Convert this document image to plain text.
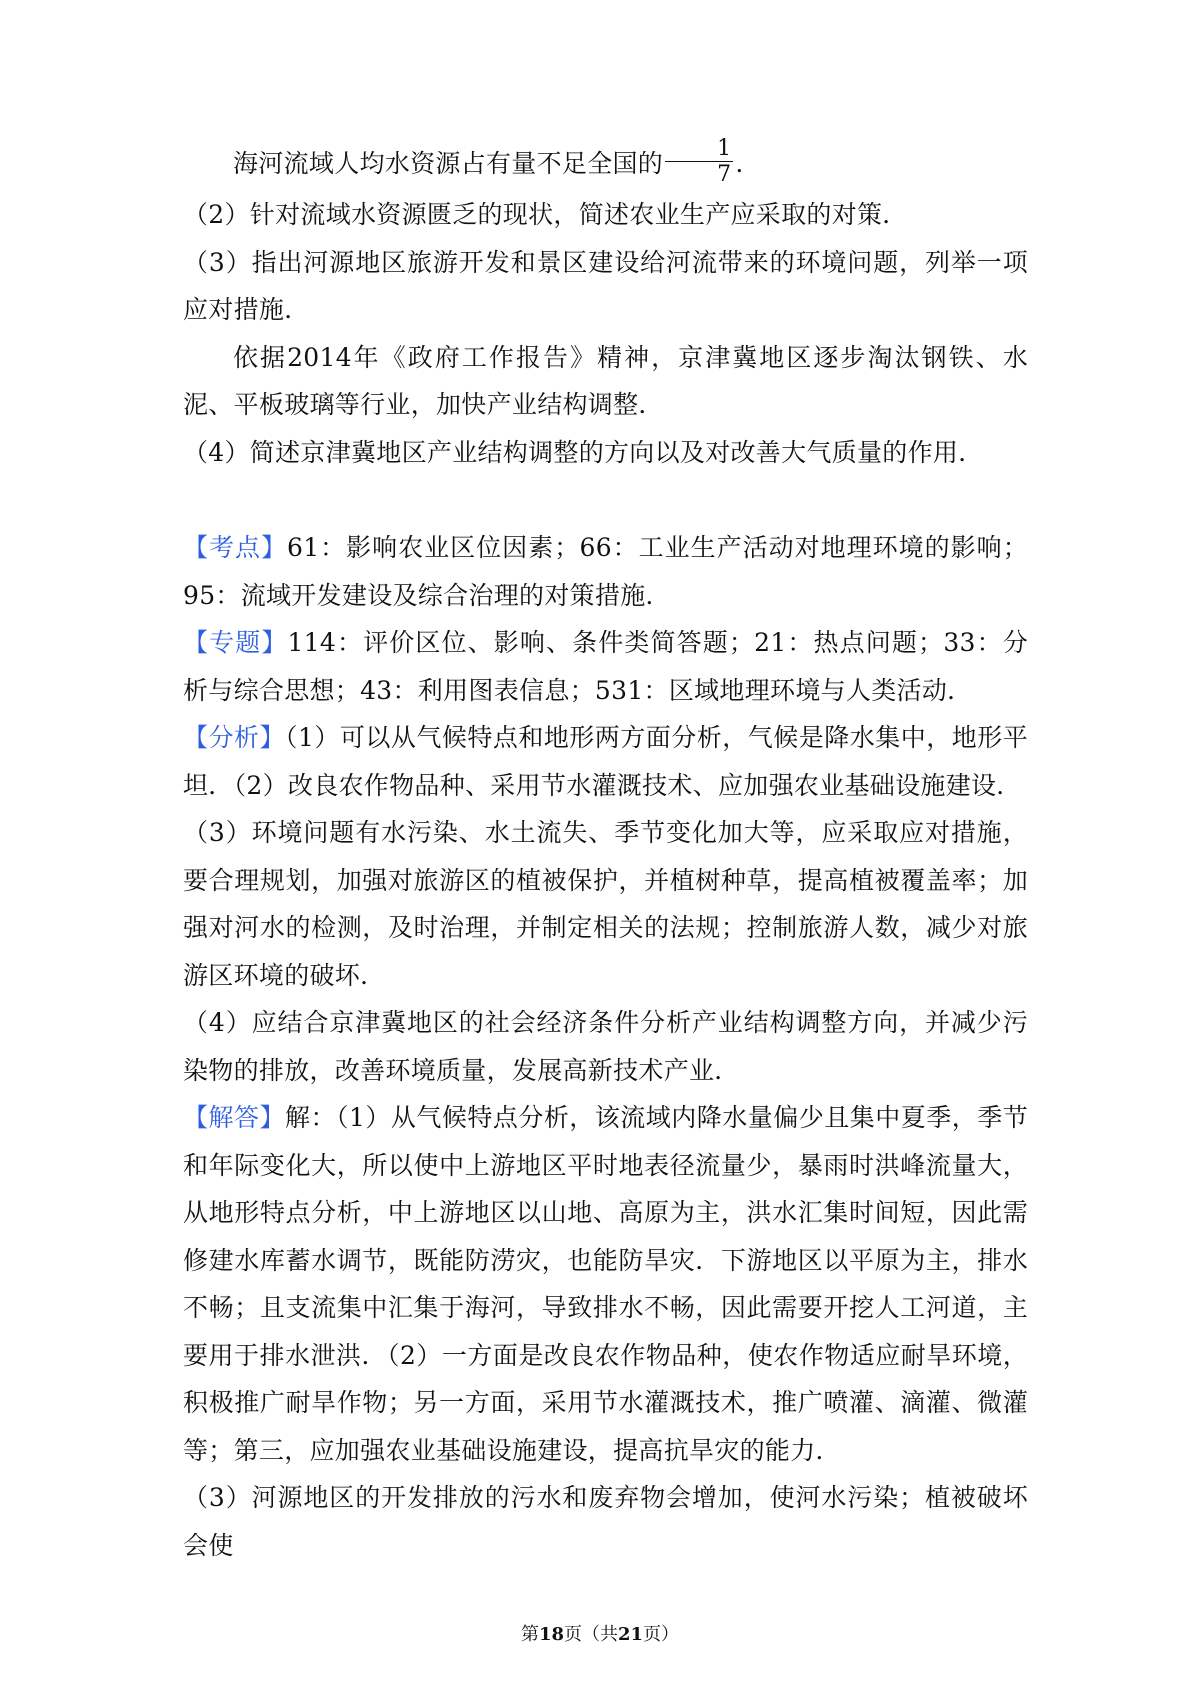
海河流域人均水资源占有量不足全国的 $\frac{1}{7}$ .

（2）针对流域水资源匮乏的现状，简述农业生产应采取的对策．

（3）指出河源地区旅游开发和景区建设给河流带来的环境问题，列举一项应对措施．

依据2014年《政府工作报告》精神，京津冀地区逐步淘汰钢铁、水泥、平板玻璃等行业，加快产业结构调整．

（4）简述京津冀地区产业结构调整的方向以及对改善大气质量的作用．

【考点】61：影响农业区位因素；66：工业生产活动对地理环境的影响；95：流域开发建设及综合治理的对策措施．

【专题】114：评价区位、影响、条件类简答题；21：热点问题；33：分析与综合思想；43：利用图表信息；531：区域地理环境与人类活动．

【分析】（1）可以从气候特点和地形两方面分析，气候是降水集中，地形平坦．（2）改良农作物品种、采用节水灌溉技术、应加强农业基础设施建设．

（3）环境问题有水污染、水土流失、季节变化加大等，应采取应对措施，要合理规划，加强对旅游区的植被保护，并植树种草，提高植被覆盖率；加强对河水的检测，及时治理，并制定相关的法规；控制旅游人数，减少对旅游区环境的破坏．

（4）应结合京津冀地区的社会经济条件分析产业结构调整方向，并减少污染物的排放，改善环境质量，发展高新技术产业．

【解答】解：（1）从气候特点分析，该流域内降水量偏少且集中夏季，季节和年际变化大，所以使中上游地区平时地表径流量少，暴雨时洪峰流量大，从地形特点分析，中上游地区以山地、高原为主，洪水汇集时间短，因此需修建水库蓄水调节，既能防涝灾，也能防旱灾．下游地区以平原为主，排水不畅；且支流集中汇集于海河，导致排水不畅，因此需要开挖人工河道，主要用于排水泄洪．（2）一方面是改良农作物品种，使农作物适应耐旱环境，积极推广耐旱作物；另一方面，采用节水灌溉技术，推广喷灌、滴灌、微灌等；第三，应加强农业基础设施建设，提高抗旱灾的能力．

（3）河源地区的开发排放的污水和废弃物会增加，使河水污染；植被破坏会使

第18页（共21页）
